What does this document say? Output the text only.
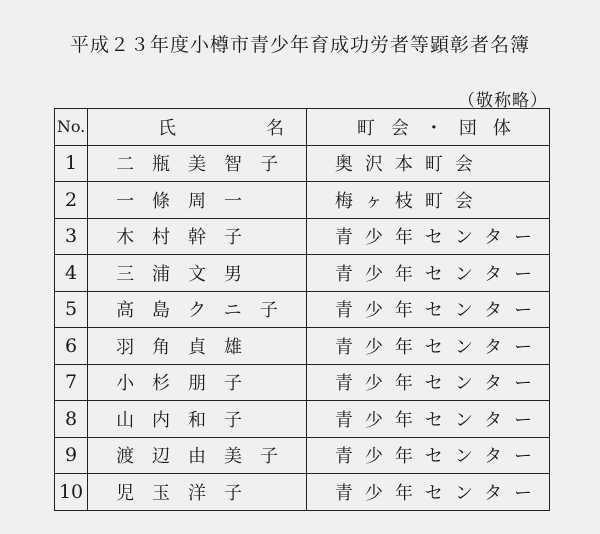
平成２３年度小樽市青少年育成功労者等顕彰者名簿
（敬称略）
No.	氏 名	町会・団体
1	二瓶美智子	奥沢本町会
2	一條周一	梅ヶ枝町会
3	木村幹子	青少年センター
4	三浦文男	青少年センター
5	高島クニ子	青少年センター
6	羽角貞雄	青少年センター
7	小杉朋子	青少年センター
8	山内和子	青少年センター
9	渡辺由美子	青少年センター
10	児玉洋子	青少年センター
